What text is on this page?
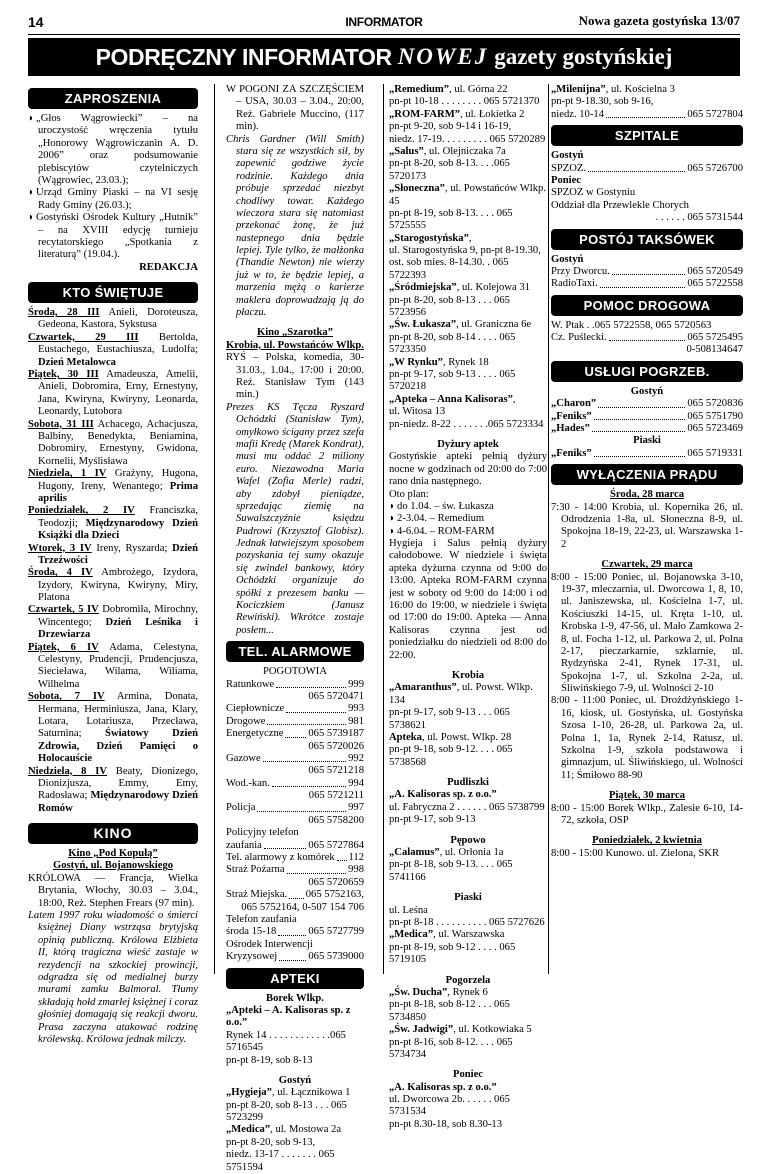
14	INFORMATOR	Nowa gazeta gostyńska 13/07
PODRĘCZNY INFORMATOR NOWEJ gazety gostyńskiej
ZAPROSZENIA
◗ „Głos Wągrowiecki” – na uroczystość wręczenia tytułu „Honorowy Wągrowiczanin A. D. 2006” oraz podsumowanie plebiscytów czytelniczych (Wągrowiec, 23.03.);
◗ Urząd Gminy Piaski – na VI sesję Rady Gminy (26.03.);
◗ Gostyński Ośrodek Kultury „Hutnik” – na XVIII edycję turnieju recytatorskiego „Spotkania z literaturą” (19.04.).
REDAKCJA
KTO ŚWIĘTUJE
Środa, 28 III Anieli, Doroteusza, Gedeona, Kastora, Sykstusa
Czwartek, 29 III Bertolda, Eustachego, Eustachiusza, Ludolfa; Dzień Metalowca
Piątek, 30 III Amadeusza, Amelii, Anieli, Dobromira, Erny, Ernestyny, Jana, Kwiryna, Kwiryny, Leonarda, Leonardy, Lutobora
Sobota, 31 III Achacego, Achacjusza, Balbiny, Benedykta, Beniamina, Dobromiry, Ernestyny, Gwidona, Kornelii, Myślisława
Niedziela, 1 IV Grażyny, Hugona, Hugony, Ireny, Wenantego; Prima aprilis
Poniedziałek, 2 IV Franciszka, Teodozji; Międzynarodowy Dzień Książki dla Dzieci
Wtorek, 3 IV Ireny, Ryszarda; Dzień Trzeźwości
Środa, 4 IV Ambrożego, Izydora, Izydory, Kwiryna, Kwiryny, Miry, Platona
Czwartek, 5 IV Dobromiła, Mirochny, Wincentego; Dzień Leśnika i Drzewiarza
Piątek, 6 IV Adama, Celestyna, Celestyny, Prudencji, Prudencjusza, Siecieława, Wilama, Wiliama, Wilhelma
Sobota, 7 IV Armina, Donata, Hermana, Herminiusza, Jana, Klary, Lotara, Lotariusza, Przecława, Saturnina; Światowy Dzień Zdrowia, Dzień Pamięci o Holocauście
Niedziela, 8 IV Beaty, Dionizego, Dionizjusza, Emmy, Emy, Radosława; Międzynarodowy Dzień Romów
KINO
Kino „Pod Kopułą”
Gostyń, ul. Bojanowskiego
KRÓLOWA — Francja, Wielka Brytania, Włochy, 30.03 – 3.04., 18:00, Reż. Stephen Frears (97 min).
Latem 1997 roku wiadomość o śmierci księżnej Diany wstrząsa brytyjską opinią publiczną. Królowa Elżbieta II, którą tragiczna wieść zastaje w rezydencji na szkockiej prowincji, odgradza się od medialnej burzy murami zamku Balmoral. Tłumy składają hołd zmarłej księżnej i coraz głośniej domagają się reakcji dworu. Prasa zaczyna atakować rodzinę królewską. Królowa jednak milczy.
W POGONI ZA SZCZĘŚCIEM – USA, 30.03 – 3.04., 20:00, Reż. Gabriele Muccino, (117 min).
Chris Gardner (Will Smith) stara się ze wszystkich sił, by zapewnić godziwe życie rodzinie. Każdego dnia próbuje sprzedać niezbyt chodliwy towar. Każdego wieczora stara się natomiast przekonać żonę, że już nastepnego dnia będzie lepiej. Tyle tylko, że małżonka (Thandie Newton) nie wierzy już w to, że będzie lepiej, a marzenia mężą o karierze maklera doprowadzają ją do płaczu.
Kino „Szarotka”
Krobia, ul. Powstańców Wlkp.
RYŚ – Polska, komedia, 30-31.03., 1.04., 17:00 i 20:00. Reż. Stanisław Tym (143 min.)
Prezes KS Tęcza Ryszard Ochódzki (Stanisław Tym), omyłkowo ścigany przez szefa mafii Kredę (Marek Kondrat), musi mu oddać 2 miliony euro. Niezawodna Maria Wafel (Zofia Merle) radzi, aby zdobył pieniądze, sprzedając ziemię na Suwalszczyźnie księdzu Pudrowi (Krzysztof Globisz). Jednak łatwiejszym sposobem pozyskania tej sumy okazuje się zwindel bankowy, który Ochódzki organizuje do spółki z prezesem banku — Kociczkiem (Janusz Rewiński). Wkrótce zostaje posłem...
TEL. ALARMOWE
POGOTOWIA
Ratunkowe	999
065 5720471
Ciepłownicze	993
Drogowe	981
Energetyczne 065 5739187
065 5720026
Gazowe	992
065 5721218
Wod.-kan.	994
065 5721211
Policja	997
065 5758200
Policyjny telefon
zaufania	065 5727864
Tel. alarmowy z komórek 112
Straż Pożarna	998
065 5720659
Straż Miejska. 065 5752163,
065 5752164, 0-507 154 706
Telefon zaufania
środa 15-18	065 5727799
Ośrodek Interwencji
Kryzysowej	065 5739000
APTEKI
Borek Wlkp.
„Apteki – A. Kalisoras sp. z o.o.”
Rynek 14 . . . . . . . . . . . .065 5716545
pn-pt 8-19, sob 8-13
Gostyń
„Hygieja”, ul. Łącznikowa 1
pn-pt 8-20, sob 8-13 . . . 065 5723299
„Medica”, ul. Mostowa 2a
pn-pt 8-20, sob 9-13,
niedz. 13-17 . . . . . . . 065 5751594
„Remedium”, ul. Górna 22
pn-pt 10-18 . . . . . . . . 065 5721370
„ROM-FARM”, ul. Łokietka 2
pn-pt 9-20, sob 9-14 i 16-19,
niedz. 17-19. . . . . . . . . 065 5720289
„Salus”, ul. Olejniczaka 7a
pn-pt 8-20, sob 8-13. . . .065 5720173
„Słoneczna”, ul. Powstańców Wlkp. 45
pn-pt 8-19, sob 8-13. . . . 065 5725555
„Starogostyńska”,
ul. Starogostyńska 9, pn-pt 8-19.30,
ost. sob mies. 8-14.30. . 065 5722393
„Śródmiejska”, ul. Kolejowa 31
pn-pt 8-20, sob 8-13 . . . 065 5723956
„Św. Łukasza”, ul. Graniczna 6e
pn-pt 8-20, sob 8-14 . . . . 065 5723350
„W Rynku”, Rynek 18
pn-pt 9-17, sob 9-13 . . . . 065 5720218
„Apteka – Anna Kalisoras”,
ul. Witosa 13
pn-niedz. 8-22 . . . . . . .065 5723334
Dyżury aptek
Gostyńskie apteki pełnią dyżury nocne w godzinach od 20:00 do 7:00 rano dnia następnego.
Oto plan:
◗ do 1.04. – św. Łukasza
◗ 2-3.04. – Remedium
◗ 4-6.04. – ROM-FARM
Hygieja i Salus pełnią dyżury całodobowe. W niedziele i święta apteka dyżurna czynna od 9:00 do 13:00. Apteka ROM-FARM czynna jest w soboty od 9:00 do 14:00 i od 16:00 do 19:00, w niedziele i święta od 17:00 do 19:00. Apteka — Anna Kalisoras czynna jest od poniedziałku do niedzieli od 8:00 do 22:00.
Krobia
„Amaranthus”, ul. Powst. Wlkp. 134
pn-pt 9-17, sob 9-13 . . . 065 5738621
Apteka, ul. Powst. Wlkp. 28
pn-pt 9-18, sob 9-12. . . . 065 5738568
Pudliszki
„A. Kalisoras sp. z o.o.”
ul. Fabryczna 2 . . . . . . 065 5738799
pn-pt 9-17, sob 9-13
Pępowo
„Calamus”, ul. Orłonia 1a
pn-pt 8-18, sob 9-13. . . . 065 5741166
Piaski
ul. Leśna
pn-pt 8-18 . . . . . . . . . . 065 5727626
„Medica”, ul. Warszawska
pn-pt 8-19, sob 9-12 . . . . 065 5719105
Pogorzela
„Św. Ducha”, Rynek 6
pn-pt 8-18, sob 8-12 . . . 065 5734850
„Św. Jadwigi”, ul. Kotkowiaka 5
pn-pt 8-16, sob 8-12. . . . 065 5734734
Poniec
„A. Kalisoras sp. z o.o.”
ul. Dworcowa 2b. . . . . . 065 5731534
pn-pt 8.30-18, sob 8.30-13
„Milenijna”, ul. Kościelna 3
pn-pt 9-18.30, sob 9-16,
niedz. 10-14	065 5727804
SZPITALE
Gostyń
SPZOZ.	065 5726700
Poniec
SPZOZ w Gostyniu
Oddział dla Przewlekle Chorych
. . . . . . 065 5731544
POSTÓJ TAKSÓWEK
Gostyń
Przy Dworcu.	065 5720549
RadioTaxi.	065 5722558
POMOC DROGOWA
W. Ptak . .065 5722558, 065 5720563
Cz. Puślecki.	065 5725495
0-508134647
USŁUGI POGRZEB.
Gostyń
„Charon”	065 5720836
„Feniks”	065 5751790
„Hades”	065 5723469
Piaski
„Feniks”	065 5719331
WYŁĄCZENIA PRĄDU
Środa, 28 marca
7:30 - 14:00 Krobia, ul. Kopernika 26, ul. Odrodzenia 1-8a, ul. Słoneczna 8-9, ul. Spokojna 18-19, 22-23, ul. Warszawska 1-2
Czwartek, 29 marca
8:00 - 15:00 Poniec, ul. Bojanowska 3-10, 19-37, mleczarnia, ul. Dworcowa 1, 8, 10, ul. Janiszewska, ul. Kościelna 1-7, ul. Kościuszki 14-15, ul. Kręta 1-10, ul. Krobska 1-9, 47-56, ul. Mało Zamkowa 2-8, ul. Focha 1-12, ul. Parkowa 2, ul. Polna 2-17, pieczarkarnie, szklarnie, ul. Rydzyńska 2-41, Rynek 17-31, ul. Spokojna 1-7, ul. Szkolna 2-2a, ul. Śliwińskiego 7-9, ul. Wolności 2-10
8:00 - 11:00 Poniec, ul. Drożdżyńskiego 1-16, kiosk, ul. Gostyńska, ul. Gostyńska Szosa 1-10, 26-28, ul. Parkowa 2a, ul. Polna 1, 1a, Rynek 2-14, Ratusz, ul. Szkolna 1-9, szkoła podstawowa i gimnazjum, ul. Śliwińskiego, ul. Wolności 11; Śmiłowo 88-90
Piątek, 30 marca
8:00 - 15:00 Borek Wlkp., Zalesie 6-10, 14-72, szkoła, OSP
Poniedziałek, 2 kwietnia
8:00 - 15:00 Kunowo. ul. Zielona, SKR
